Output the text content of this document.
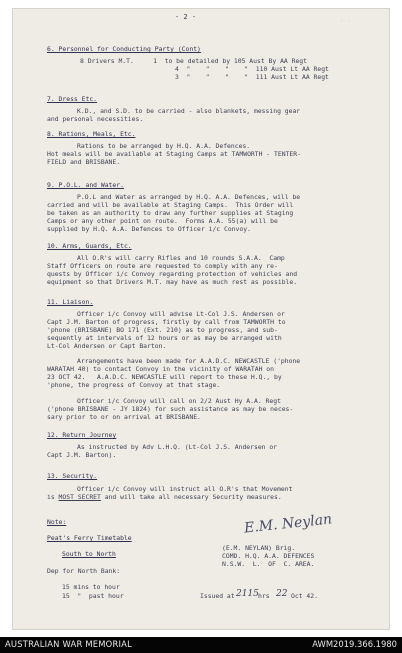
- 2 -
· ·
6. Personnel for Conducting Party (Cont)
8 Drivers M.T.     1  to be detailed by 105 Aust By AA Regt
4  "    "    "    "  110 Aust Lt AA Regt
3  "    "    "    "  111 Aust Lt AA Regt
7. Dress Etc.
K.D., and S.D. to be carried - also blankets, messing gear
and personal necessities.
8. Rations, Meals, Etc.
Rations to be arranged by H.Q. A.A. Defences.
Hot meals will be available at Staging Camps at TAMWORTH - TENTER-
FIELD and BRISBANE.
9. P.O.L. and Water.
P.O.L and Water as arranged by H.Q. A.A. Defences, will be
carried and will be available at Staging Camps.  This Order will
be taken as an authority to draw any further supplies at Staging
Camps or any other point on route.  Forms A.A. 55(a) will be
supplied by H.Q. A.A. Defences to Officer i/c Convoy.
10. Arms, Guards, Etc.
All O.R's will carry Rifles and 10 rounds S.A.A.  Camp
Staff Officers on route are requested to comply with any re-
quests by Officer i/c Convoy regarding protection of vehicles and
equipment so that Drivers M.T. may have as much rest as possible.
11. Liaison.
Officer i/c Convoy will advise Lt-Col J.S. Andersen or
Capt J.M. Barton of progress, firstly by call from TAMWORTH to
'phone (BRISBANE) BO 171 (Ext. 210) as to progress, and sub-
sequently at intervals of 12 hours or as may be arranged with
Lt-Col Andersen or Capt Barton.
Arrangements have been made for A.A.D.C. NEWCASTLE ('phone
WARATAH 40) to contact Convoy in the vicinity of WARATAH on
23 OCT 42.   A.A.D.C. NEWCASTLE will report to these H.Q., by
'phone, the progress of Convoy at that stage.
Officer i/c Convoy will call on 2/2 Aust Hy A.A. Regt
('phone BRISBANE - JY 1824) for such assistance as may be neces-
sary prior to or on arrival at BRISBANE.
12. Return Journey
As instructed by Adv L.H.Q. (Lt-Col J.S. Andersen or
Capt J.M. Barton).
13. Security.
Officer i/c Convoy will instruct all O.R's that Movement
is MOST SECRET and will take all necessary Security measures.
Note:
Peat's Ferry Timetable
South to North
Dep for North Bank:
15 mins to hour
15  "  past hour
E.M. Neylan
(E.M. NEYLAN) Brig.
COMD. H.Q. A.A. DEFENCES
N.S.W.  L.  OF  C. AREA.
Issued at 2115 hrs 22 Oct 42.
AUSTRALIAN WAR MEMORIAL	AWM2019.366.1980
